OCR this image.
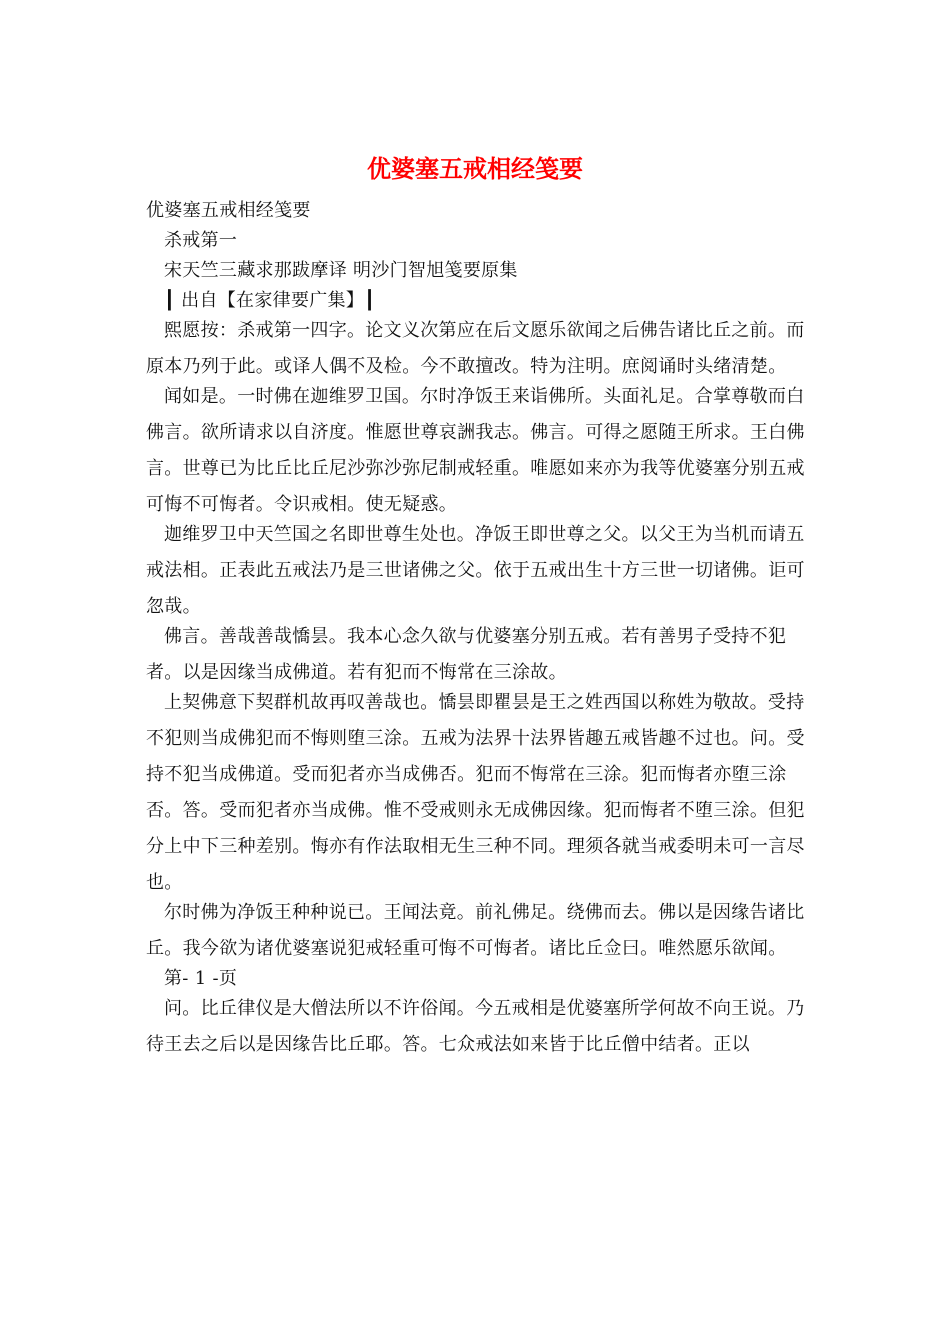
优婆塞五戒相经笺要

优婆塞五戒相经笺要

杀戒第一

宋天竺三藏求那跋摩译 明沙门智旭笺要原集

┃ 出自【在家律要广集】┃

熙愿按：杀戒第一四字。论文义次第应在后文愿乐欲闻之后佛告诸比丘之前。而原本乃列于此。或译人偶不及检。今不敢擅改。特为注明。庶阅诵时头绪清楚。

闻如是。一时佛在迦维罗卫国。尔时净饭王来诣佛所。头面礼足。合掌尊敬而白佛言。欲所请求以自济度。惟愿世尊哀詶我志。佛言。可得之愿随王所求。王白佛言。世尊已为比丘比丘尼沙弥沙弥尼制戒轻重。唯愿如来亦为我等优婆塞分别五戒可悔不可悔者。令识戒相。使无疑惑。

迦维罗卫中天竺国之名即世尊生处也。净饭王即世尊之父。以父王为当机而请五戒法相。正表此五戒法乃是三世诸佛之父。依于五戒出生十方三世一切诸佛。讵可忽哉。

佛言。善哉善哉憍昙。我本心念久欲与优婆塞分别五戒。若有善男子受持不犯者。以是因缘当成佛道。若有犯而不悔常在三涂故。

上契佛意下契群机故再叹善哉也。憍昙即瞿昙是王之姓西国以称姓为敬故。受持不犯则当成佛犯而不悔则堕三涂。五戒为法界十法界皆趣五戒皆趣不过也。问。受持不犯当成佛道。受而犯者亦当成佛否。犯而不悔常在三涂。犯而悔者亦堕三涂否。答。受而犯者亦当成佛。惟不受戒则永无成佛因缘。犯而悔者不堕三涂。但犯分上中下三种差别。悔亦有作法取相无生三种不同。理须各就当戒委明未可一言尽也。

尔时佛为净饭王种种说已。王闻法竟。前礼佛足。绕佛而去。佛以是因缘告诸比丘。我今欲为诸优婆塞说犯戒轻重可悔不可悔者。诸比丘佥曰。唯然愿乐欲闻。

第- 1 -页

问。比丘律仪是大僧法所以不许俗闻。今五戒相是优婆塞所学何故不向王说。乃待王去之后以是因缘告比丘耶。答。七众戒法如来皆于比丘僧中结者。正以
